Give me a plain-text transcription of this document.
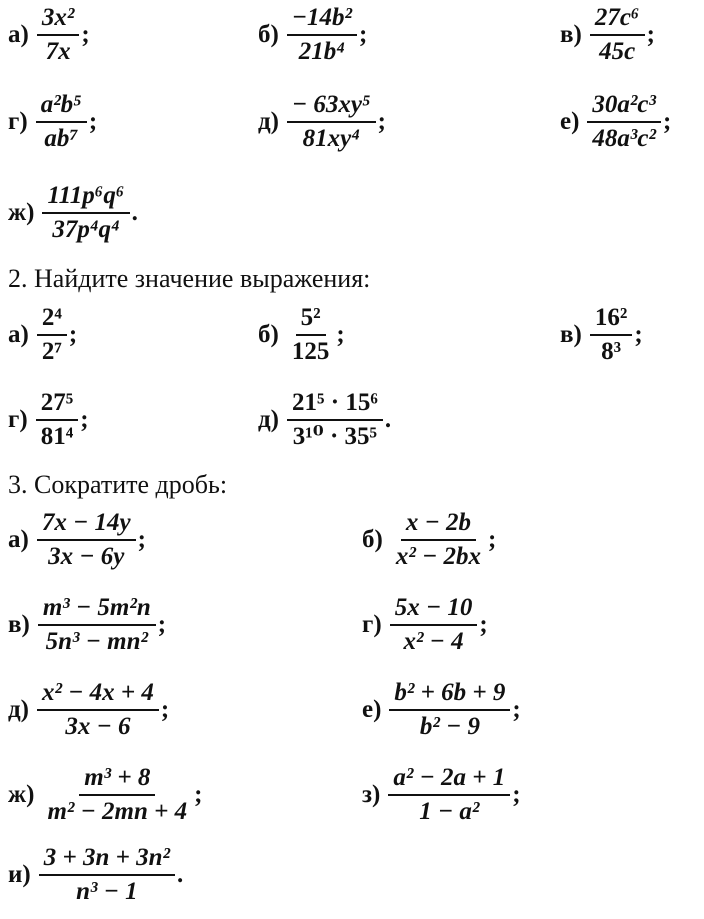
$а) \frac{\text{3x²}}{7x}$ ;	$б) \frac{\text{−14b²}}{\text{21b⁴}}$ ;	$в) \frac{\text{27c⁶}}{45c}$ ;
$г) \frac{\text{a²b⁵}}{\text{ab⁷}}$ ;	$д) \frac{\text{− 63xy⁵}}{\text{81xy⁴}}$ ;	$е) \frac{\text{30a²c³}}{\text{48a³c²}}$ ;
$ж) \frac{\text{111p⁶q⁶}}{\text{37p⁴q⁴}}$ .
2. Найдите значение выражения:
$а) \frac{\text{2⁴}}{\text{2⁷}}$ ;	$б) \frac{\text{5²}}{125}$ ;	$в) \frac{\text{16²}}{\text{8³}}$ ;
$г) \frac{\text{27⁵}}{\text{81⁴}}$ ;	$д) \frac{\text{21⁵ · 15⁶}}{\text{3¹⁰ · 35⁵}}$ .
3. Сократите дробь:
$а) \frac{7x - 14y}{3x - 6y}$ ;	$б) \frac{x - 2b}{\text{x² − 2bx}}$ ;
$в) \frac{\text{m³ − 5m²n}}{\text{5n³ − mn²}}$ ;	$г) \frac{5x - 10}{\text{x² − 4}}$ ;
$д) \frac{\text{x² − 4x + 4}}{3x - 6}$ ;	$е) \frac{\text{b² + 6b + 9}}{\text{b² − 9}}$ ;
$ж) \frac{\text{m³ + 8}}{\text{m² − 2mn + 4}}$ ;	$з) \frac{\text{a² − 2a + 1}}{\text{1 − a²}}$ ;
$и) \frac{\text{3 + 3n + 3n²}}{\text{n³ − 1}}$ .
